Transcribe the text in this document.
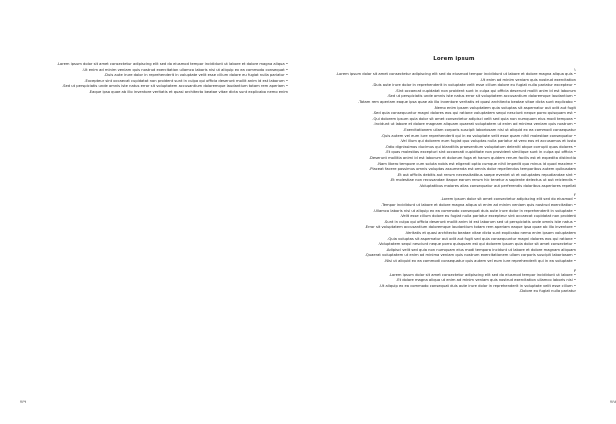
• Lorem ipsum dolor sit amet consectetur adipiscing elit sed do eiusmod tempor incididunt ut labore et dolore magna aliqua.

• Ut enim ad minim veniam quis nostrud exercitation ullamco laboris nisi ut aliquip ex ea commodo consequat.

• Duis aute irure dolor in reprehenderit in voluptate velit esse cillum dolore eu fugiat nulla pariatur.

• Excepteur sint occaecat cupidatat non proident sunt in culpa qui officia deserunt mollit anim id est laborum.

• Sed ut perspiciatis unde omnis iste natus error sit voluptatem accusantium doloremque laudantium totam rem aperiam.

Eaque ipsa quae ab illo inventore veritatis et quasi architecto beatae vitae dicta sunt explicabo nemo enim.

۷۶۹

Lorem ipsum

۱

• Lorem ipsum dolor sit amet consectetur adipiscing elit sed do eiusmod tempor incididunt ut labore et dolore magna aliqua quis.

Ut enim ad minim veniam quis nostrud exercitation.

• Duis aute irure dolor in reprehenderit in voluptate velit esse cillum dolore eu fugiat nulla pariatur excepteur.

Sint occaecat cupidatat non proident sunt in culpa qui officia deserunt mollit anim id est laborum.

• Sed ut perspiciatis unde omnis iste natus error sit voluptatem accusantium doloremque laudantium.

• Totam rem aperiam eaque ipsa quae ab illo inventore veritatis et quasi architecto beatae vitae dicta sunt explicabo.

Nemo enim ipsam voluptatem quia voluptas sit aspernatur aut odit aut fugit.

• Sed quia consequuntur magni dolores eos qui ratione voluptatem sequi nesciunt neque porro quisquam est.

• Qui dolorem ipsum quia dolor sit amet consectetur adipisci velit sed quia non numquam eius modi tempora.

• Incidunt ut labore et dolore magnam aliquam quaerat voluptatem ut enim ad minima veniam quis nostrum.

Exercitationem ullam corporis suscipit laboriosam nisi ut aliquid ex ea commodi consequatur.

• Quis autem vel eum iure reprehenderit qui in ea voluptate velit esse quam nihil molestiae consequatur.

Vel illum qui dolorem eum fugiat quo voluptas nulla pariatur at vero eos et accusamus et iusto.

• Odio dignissimos ducimus qui blanditiis praesentium voluptatum deleniti atque corrupti quos dolores.

• Et quas molestias excepturi sint occaecati cupiditate non provident similique sunt in culpa qui officia.

Deserunt mollitia animi id est laborum et dolorum fuga et harum quidem rerum facilis est et expedita distinctio.

• Nam libero tempore cum soluta nobis est eligendi optio cumque nihil impedit quo minus id quod maxime.

Placeat facere possimus omnis voluptas assumenda est omnis dolor repellendus temporibus autem quibusdam.

• Et aut officiis debitis aut rerum necessitatibus saepe eveniet ut et voluptates repudiandae sint.

• Et molestiae non recusandae itaque earum rerum hic tenetur a sapiente delectus ut aut reiciendis.

Voluptatibus maiores alias consequatur aut perferendis doloribus asperiores repellat.

۲

• Lorem ipsum dolor sit amet consectetur adipiscing elit sed do eiusmod.

• Tempor incididunt ut labore et dolore magna aliqua ut enim ad minim veniam quis nostrud exercitation.

• Ullamco laboris nisi ut aliquip ex ea commodo consequat duis aute irure dolor in reprehenderit in voluptate.

Velit esse cillum dolore eu fugiat nulla pariatur excepteur sint occaecat cupidatat non proident.

• Sunt in culpa qui officia deserunt mollit anim id est laborum sed ut perspiciatis unde omnis iste natus.

• Error sit voluptatem accusantium doloremque laudantium totam rem aperiam eaque ipsa quae ab illo inventore.

Veritatis et quasi architecto beatae vitae dicta sunt explicabo nemo enim ipsam voluptatem.

• Quia voluptas sit aspernatur aut odit aut fugit sed quia consequuntur magni dolores eos qui ratione.

• Voluptatem sequi nesciunt neque porro quisquam est qui dolorem ipsum quia dolor sit amet consectetur.

Adipisci velit sed quia non numquam eius modi tempora incidunt ut labore et dolore magnam aliquam.

• Quaerat voluptatem ut enim ad minima veniam quis nostrum exercitationem ullam corporis suscipit laboriosam.

• Nisi ut aliquid ex ea commodi consequatur quis autem vel eum iure reprehenderit qui in ea voluptate.

۳

• Lorem ipsum dolor sit amet consectetur adipiscing elit sed do eiusmod tempor incididunt ut labore.

• Et dolore magna aliqua ut enim ad minim veniam quis nostrud exercitation ullamco laboris nisi.

• Ut aliquip ex ea commodo consequat duis aute irure dolor in reprehenderit in voluptate velit esse cillum.

Dolore eu fugiat nulla pariatur.

۷۶۸
